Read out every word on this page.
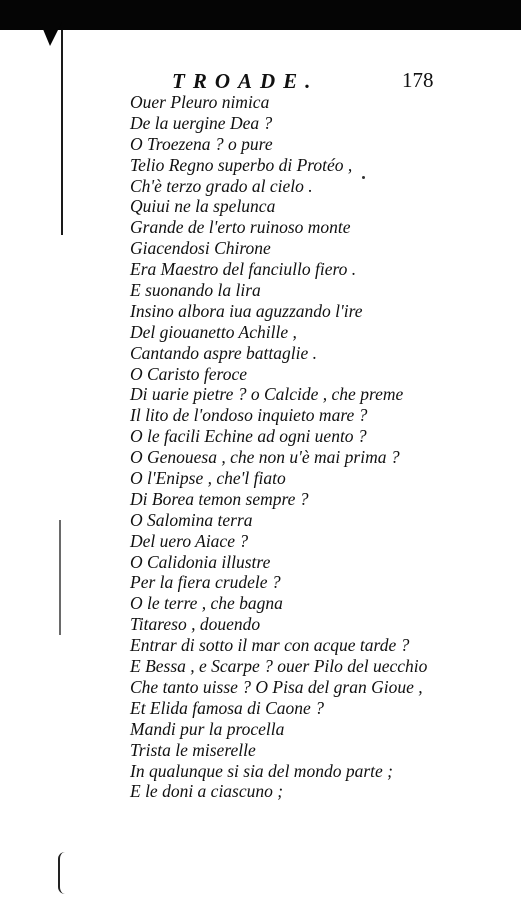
TROADE.	178
Ouer Pleuro nimica
De la uergine Dea ?
O Troezena ? o pure
Telio Regno superbo di Protéo ,
Ch'è terzo grado al cielo .
Quiui ne la spelunca
Grande de l'erto ruinoso monte
Giacendosi Chirone
Era Maestro del fanciullo fiero .
E suonando la lira
Insino albora iua aguzzando l'ire
Del giouanetto Achille ,
Cantando aspre battaglie .
O Caristo feroce
Di uarie pietre ? o Calcide , che preme
Il lito de l'ondoso inquieto mare ?
O le facili Echine ad ogni uento ?
O Genouesa , che non u'è mai prima ?
O l'Enipse , che'l fiato
Di Borea temon sempre ?
O Salomina terra
Del uero Aiace ?
O Calidonia illustre
Per la fiera crudele ?
O le terre , che bagna
Titareso , douendo
Entrar di sotto il mar con acque tarde ?
E Bessa , e Scarpe ? ouer Pilo del uecchio
Che tanto uisse ? O Pisa del gran Gioue ,
Et Elida famosa di Caone ?
Mandi pur la procella
Trista le miserelle
In qualunque si sia del mondo parte ;
E le doni a ciascuno ;
